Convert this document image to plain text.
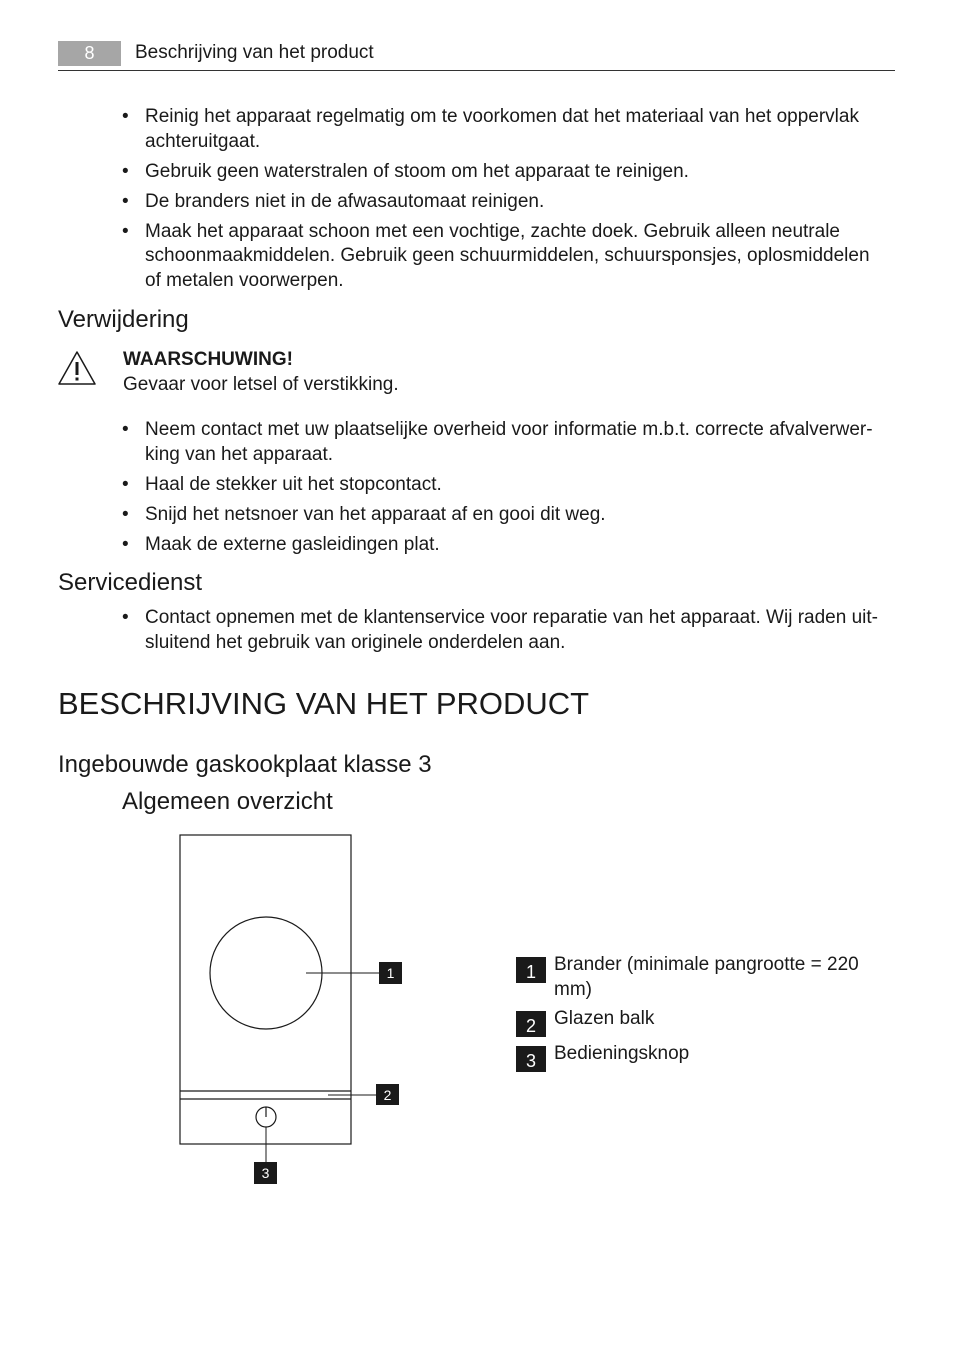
8	Beschrijving van het product
• Reinig het apparaat regelmatig om te voorkomen dat het materiaal van het oppervlak achteruitgaat.
• Gebruik geen waterstralen of stoom om het apparaat te reinigen.
• De branders niet in de afwasautomaat reinigen.
• Maak het apparaat schoon met een vochtige, zachte doek. Gebruik alleen neutrale schoonmaakmiddelen. Gebruik geen schuurmiddelen, schuursponsjes, oplosmiddelen of metalen voorwerpen.
Verwijdering
WAARSCHUWING!
Gevaar voor letsel of verstikking.
• Neem contact met uw plaatselijke overheid voor informatie m.b.t. correcte afvalverwer-king van het apparaat.
• Haal de stekker uit het stopcontact.
• Snijd het netsnoer van het apparaat af en gooi dit weg.
• Maak de externe gasleidingen plat.
Servicedienst
• Contact opnemen met de klantenservice voor reparatie van het apparaat. Wij raden uit-sluitend het gebruik van originele onderdelen aan.
BESCHRIJVING VAN HET PRODUCT
Ingebouwde gaskookplaat klasse 3
Algemeen overzicht
1
2
3
1 Brander (minimale pangrootte = 220 mm)
2 Glazen balk
3 Bedieningsknop
